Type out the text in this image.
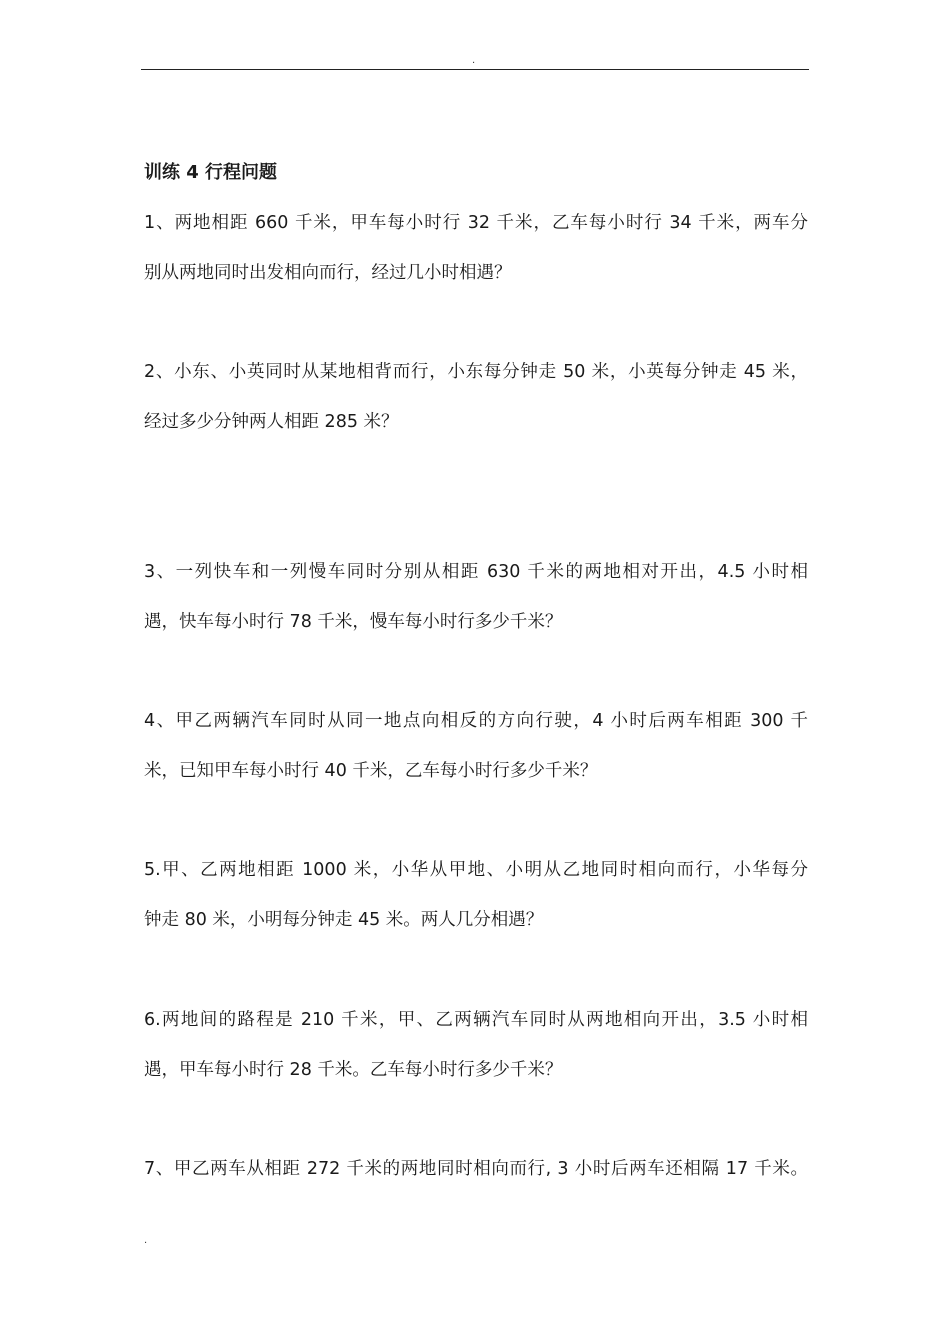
.
训练 4 行程问题
1、两地相距 660 千米，甲车每小时行 32 千米，乙车每小时行 34 千米，两车分
别从两地同时出发相向而行，经过几小时相遇？
2、小东、小英同时从某地相背而行，小东每分钟走 50 米，小英每分钟走 45 米，
经过多少分钟两人相距 285 米？
3、一列快车和一列慢车同时分别从相距 630 千米的两地相对开出，4.5 小时相
遇，快车每小时行 78 千米，慢车每小时行多少千米？
4、甲乙两辆汽车同时从同一地点向相反的方向行驶，4 小时后两车相距 300 千
米，已知甲车每小时行 40 千米，乙车每小时行多少千米？
5.甲、乙两地相距 1000 米，小华从甲地、小明从乙地同时相向而行，小华每分
钟走 80 米，小明每分钟走 45 米。两人几分相遇？
6.两地间的路程是 210 千米，甲、乙两辆汽车同时从两地相向开出，3.5 小时相
遇，甲车每小时行 28 千米。乙车每小时行多少千米？
7、甲乙两车从相距 272 千米的两地同时相向而行, 3 小时后两车还相隔 17 千米。
.
